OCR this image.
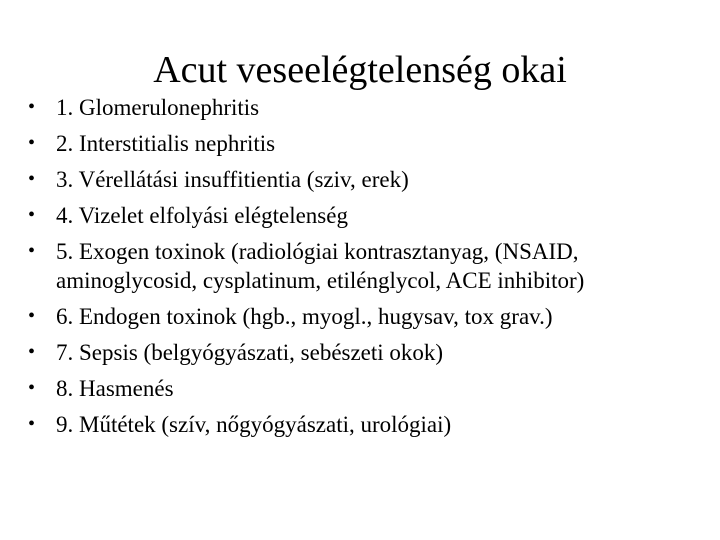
Acut veseelégtelenség okai
• 1. Glomerulonephritis
• 2. Interstitialis nephritis
• 3. Vérellátási insuffitientia (sziv, erek)
• 4. Vizelet elfolyási elégtelenség
• 5. Exogen toxinok (radiológiai kontrasztanyag, (NSAID, aminoglycosid, cysplatinum, etilénglycol, ACE inhibitor)
• 6. Endogen toxinok (hgb., myogl., hugysav, tox grav.)
• 7. Sepsis (belgyógyászati, sebészeti okok)
• 8. Hasmenés
• 9. Műtétek (szív, nőgyógyászati, urológiai)
